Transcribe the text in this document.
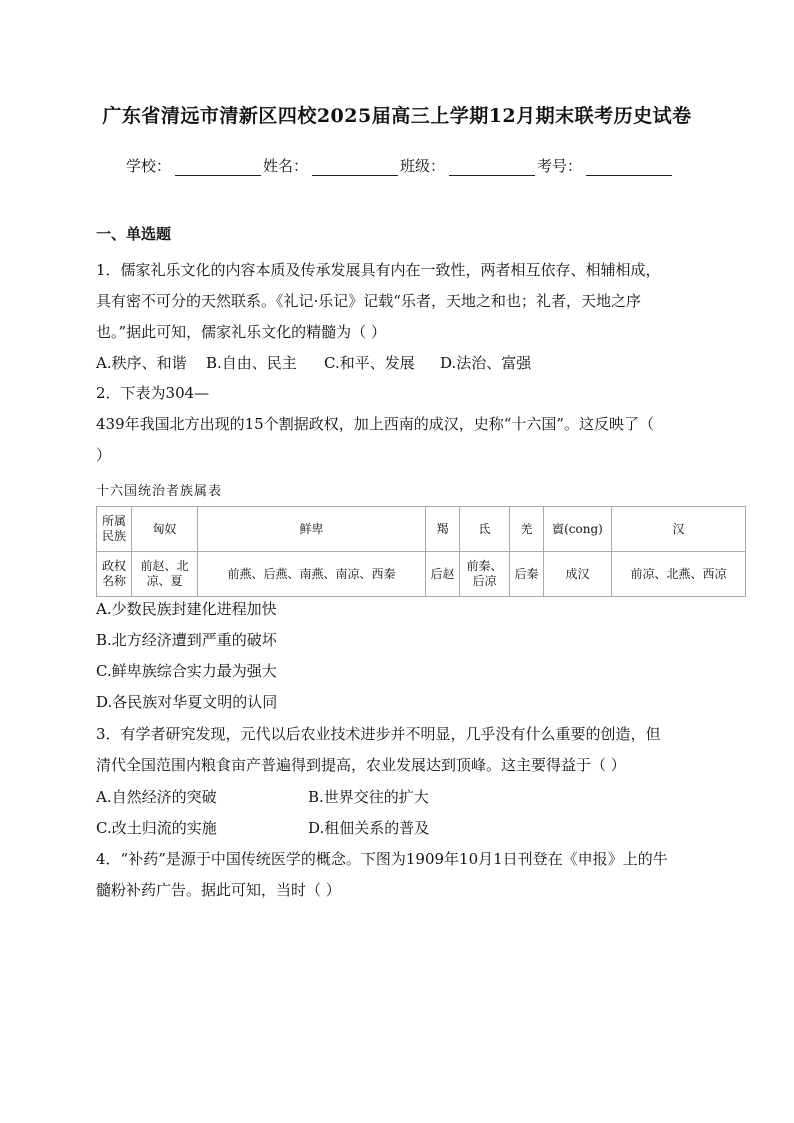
广东省清远市清新区四校2025届高三上学期12月期末联考历史试卷
学校：	姓名：	班级：	考号：
一、单选题
1．儒家礼乐文化的内容本质及传承发展具有内在一致性，两者相互依存、相辅相成，
具有密不可分的天然联系。《礼记·乐记》记载“乐者，天地之和也；礼者，天地之序
也。”据此可知，儒家礼乐文化的精髓为（ ）
A.秩序、和谐 B.自由、民主 C.和平、发展 D.法治、富强
2．下表为304—
439年我国北方出现的15个割据政权，加上西南的成汉，史称“十六国”。这反映了（
）
十六国统治者族属表
所属民族	匈奴	鲜卑	羯	氐	羌	賨(cong)	汉
政权名称	前赵、北凉、夏	前燕、后燕、南燕、南凉、西秦	后赵	前秦、后凉	后秦	成汉	前凉、北燕、西凉
A.少数民族封建化进程加快
B.北方经济遭到严重的破坏
C.鲜卑族综合实力最为强大
D.各民族对华夏文明的认同
3．有学者研究发现，元代以后农业技术进步并不明显，几乎没有什么重要的创造，但
清代全国范围内粮食亩产普遍得到提高，农业发展达到顶峰。这主要得益于（ ）
A.自然经济的突破	B.世界交往的扩大
C.改土归流的实施	D.租佃关系的普及
4．“补药”是源于中国传统医学的概念。下图为1909年10月1日刊登在《申报》上的牛
髓粉补药广告。据此可知，当时（ ）
